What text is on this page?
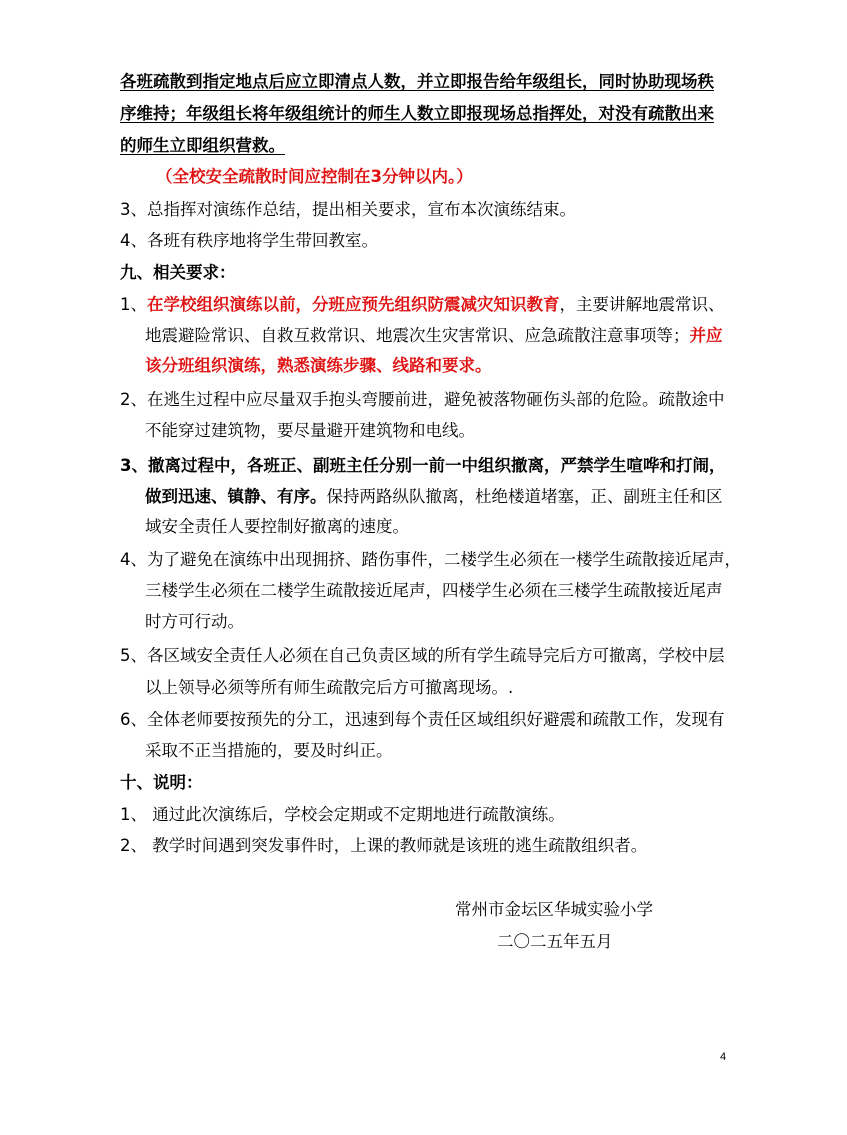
各班疏散到指定地点后应立即清点人数，并立即报告给年级组长，同时协助现场秩
序维持；年级组长将年级组统计的师生人数立即报现场总指挥处，对没有疏散出来
的师生立即组织营救。
（全校安全疏散时间应控制在3分钟以内。）
3、总指挥对演练作总结，提出相关要求，宣布本次演练结束。
4、各班有秩序地将学生带回教室。
九、相关要求：
1、在学校组织演练以前，分班应预先组织防震减灾知识教育，主要讲解地震常识、
地震避险常识、自救互救常识、地震次生灾害常识、应急疏散注意事项等；并应
该分班组织演练，熟悉演练步骤、线路和要求。
2、在逃生过程中应尽量双手抱头弯腰前进，避免被落物砸伤头部的危险。疏散途中
不能穿过建筑物，要尽量避开建筑物和电线。
3、撤离过程中，各班正、副班主任分别一前一中组织撤离，严禁学生喧哗和打闹，
做到迅速、镇静、有序。保持两路纵队撤离，杜绝楼道堵塞，正、副班主任和区
域安全责任人要控制好撤离的速度。
4、为了避免在演练中出现拥挤、踏伤事件，二楼学生必须在一楼学生疏散接近尾声，
三楼学生必须在二楼学生疏散接近尾声，四楼学生必须在三楼学生疏散接近尾声
时方可行动。
5、各区域安全责任人必须在自己负责区域的所有学生疏导完后方可撤离，学校中层
以上领导必须等所有师生疏散完后方可撤离现场。.
6、全体老师要按预先的分工，迅速到每个责任区域组织好避震和疏散工作，发现有
采取不正当措施的，要及时纠正。
十、说明：
1、 通过此次演练后，学校会定期或不定期地进行疏散演练。
2、 教学时间遇到突发事件时，上课的教师就是该班的逃生疏散组织者。
常州市金坛区华城实验小学
二〇二五年五月
4
